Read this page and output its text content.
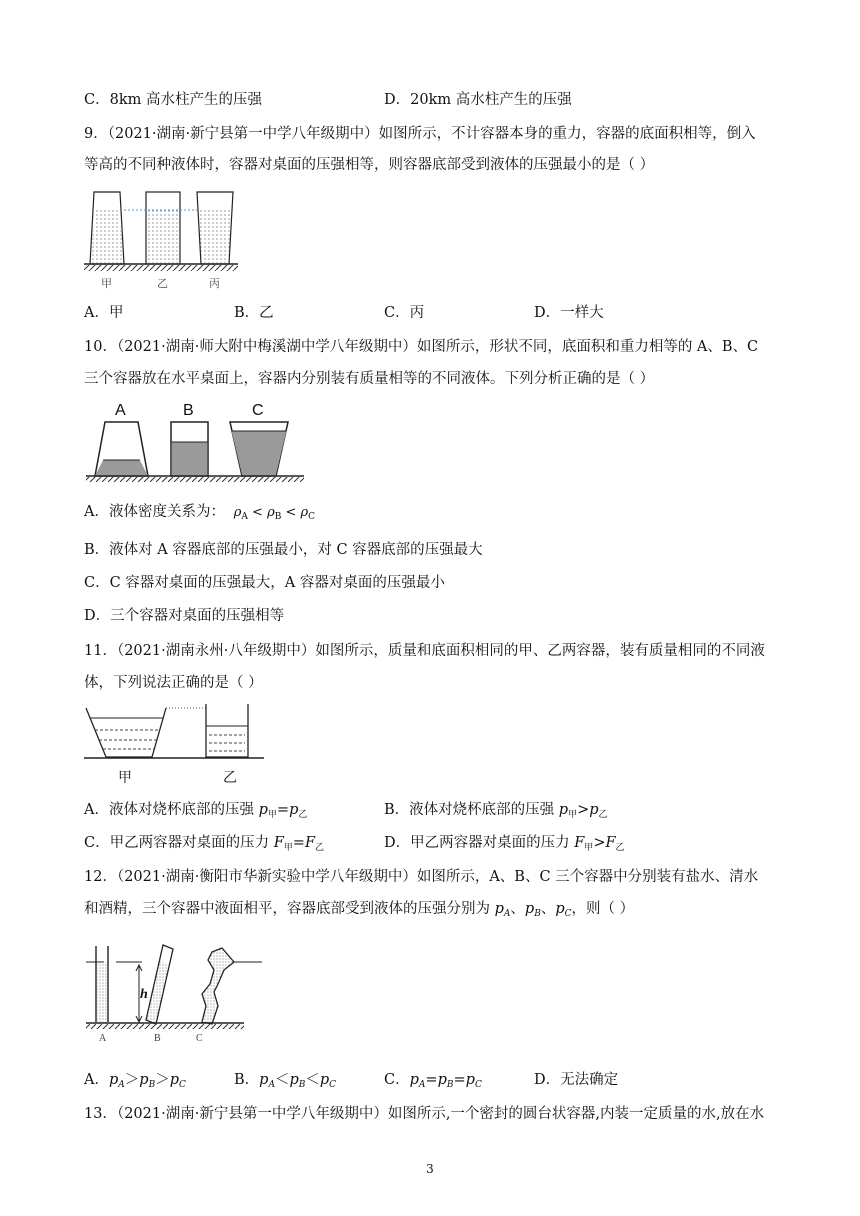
C．8km 高水柱产生的压强	D．20km 高水柱产生的压强
9．（2021·湖南·新宁县第一中学八年级期中）如图所示，不计容器本身的重力，容器的底面积相等，倒入
等高的不同种液体时，容器对桌面的压强相等，则容器底部受到液体的压强最小的是（ ）
甲	乙	丙
A．甲	B．乙	C．丙	D．一样大
10．（2021·湖南·师大附中梅溪湖中学八年级期中）如图所示，形状不同，底面积和重力相等的 A、B、C
三个容器放在水平桌面上，容器内分别装有质量相等的不同液体。下列分析正确的是（ ）
A	B	C
A．液体密度关系为： $\rho_A < \rho_B < \rho_C$
B．液体对 A 容器底部的压强最小，对 C 容器底部的压强最大
C．C 容器对桌面的压强最大，A 容器对桌面的压强最小
D．三个容器对桌面的压强相等
11．（2021·湖南永州·八年级期中）如图所示，质量和底面积相同的甲、乙两容器，装有质量相同的不同液
体，下列说法正确的是（ ）
甲	乙
A．液体对烧杯底部的压强 $p_甲=p_乙$	B．液体对烧杯底部的压强 $p_甲>p_乙$
C．甲乙两容器对桌面的压力 $F_甲=F_乙$	D．甲乙两容器对桌面的压力 $F_甲>F_乙$
12．（2021·湖南·衡阳市华新实验中学八年级期中）如图所示，A、B、C 三个容器中分别装有盐水、清水
和酒精，三个容器中液面相平，容器底部受到液体的压强分别为 $p_A$、$p_B$、$p_C$，则（ ）
h
A	B	C
A．$p_A>p_B>p_C$	B．$p_A<p_B<p_C$	C．$p_A=p_B=p_C$	D．无法确定
13．（2021·湖南·新宁县第一中学八年级期中）如图所示,一个密封的圆台状容器,内装一定质量的水,放在水
3
